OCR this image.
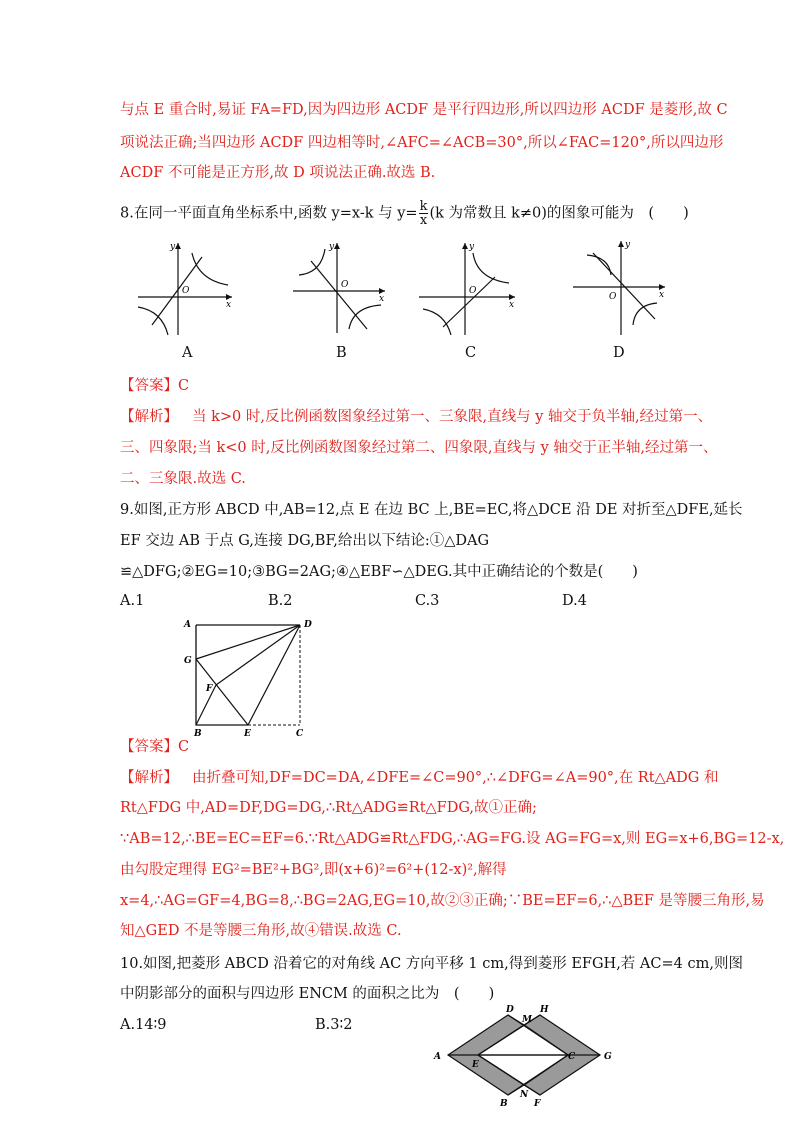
与点 E 重合时,易证 FA=FD,因为四边形 ACDF 是平行四边形,所以四边形 ACDF 是菱形,故 C
项说法正确;当四边形 ACDF 四边相等时,∠AFC=∠ACB=30°,所以∠FAC=120°,所以四边形
ACDF 不可能是正方形,故 D 项说法正确.故选 B.
8.在同一平面直角坐标系中,函数 y=x-k 与 $y= \frac{k}{x} (k$ 为常数且 k≠0)的图象可能为　(　　)
y
x
O
A
y
x
O
B
y
x
O
C
y
x
O
D
【答案】C
【解析】 当 k>0 时,反比例函数图象经过第一、三象限,直线与 y 轴交于负半轴,经过第一、
三、四象限;当 k<0 时,反比例函数图象经过第二、四象限,直线与 y 轴交于正半轴,经过第一、
二、三象限.故选 C.
9.如图,正方形 ABCD 中,AB=12,点 E 在边 BC 上,BE=EC,将△DCE 沿 DE 对折至△DFE,延长
EF 交边 AB 于点 G,连接 DG,BF,给出以下结论:①△DAG
≌△DFG;②EG=10;③BG=2AG;④△EBF∽△DEG.其中正确结论的个数是(　　)
A.1	B.2	C.3	D.4
A	D
G
F
B	E	C
【答案】C
【解析】 由折叠可知,DF=DC=DA,∠DFE=∠C=90°,∴∠DFG=∠A=90°,在 Rt△ADG 和
Rt△FDG 中,AD=DF,DG=DG,∴Rt△ADG≌Rt△FDG,故①正确;
∵AB=12,∴BE=EC=EF=6.∵Rt△ADG≌Rt△FDG,∴AG=FG.设 AG=FG=x,则 EG=x+6,BG=12-x,
由勾股定理得 EG²=BE²+BG²,即(x+6)²=6²+(12-x)²,解得
x=4,∴AG=GF=4,BG=8,∴BG=2AG,EG=10,故②③正确;∵BE=EF=6,∴△BEF 是等腰三角形,易
知△GED 不是等腰三角形,故④错误.故选 C.
10.如图,把菱形 ABCD 沿着它的对角线 AC 方向平移 1 cm,得到菱形 EFGH,若 AC=4 cm,则图
中阴影部分的面积与四边形 ENCM 的面积之比为　(　　)
A.14∶9	B.3∶2
A
D
M
H
E
C	G
B
N
F
